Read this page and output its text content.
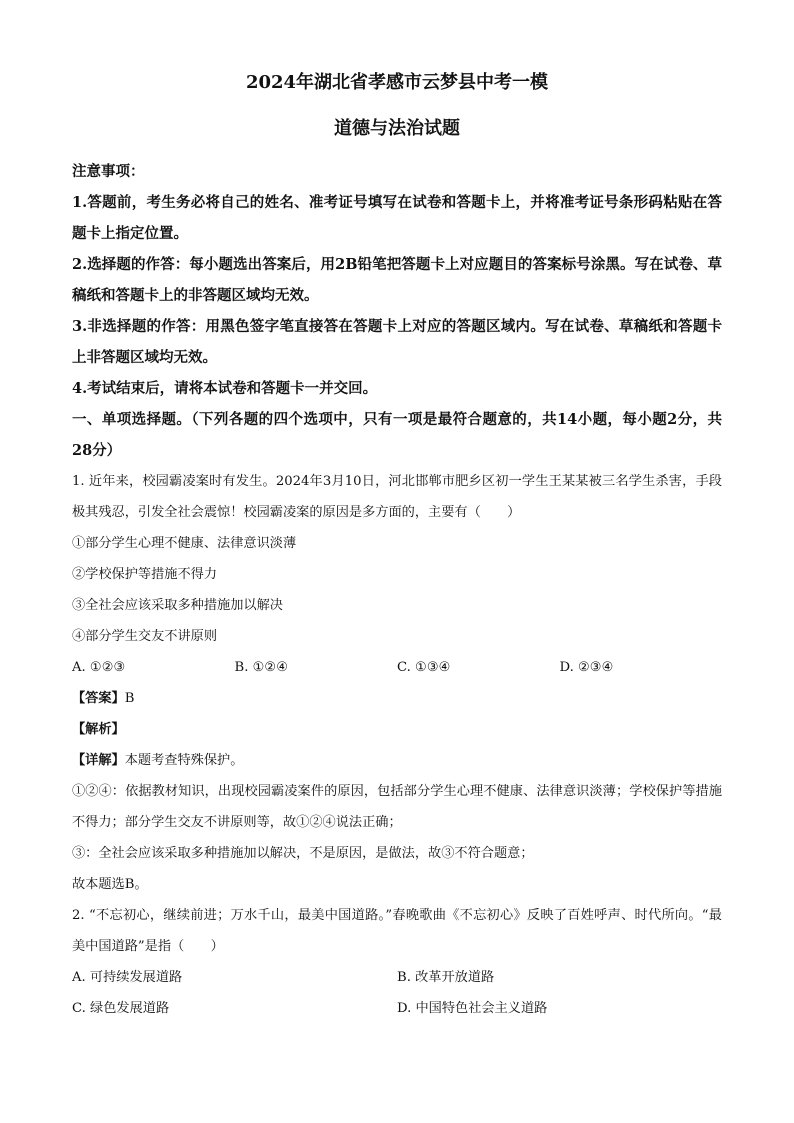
2024年湖北省孝感市云梦县中考一模
道德与法治试题

注意事项：

1.答题前，考生务必将自己的姓名、准考证号填写在试卷和答题卡上，并将准考证号条形码粘贴在答题卡上指定位置。

2.选择题的作答：每小题选出答案后，用2B铅笔把答题卡上对应题目的答案标号涂黑。写在试卷、草稿纸和答题卡上的非答题区域均无效。

3.非选择题的作答：用黑色签字笔直接答在答题卡上对应的答题区域内。写在试卷、草稿纸和答题卡上非答题区域均无效。

4.考试结束后，请将本试卷和答题卡一并交回。

一、单项选择题。（下列各题的四个选项中，只有一项是最符合题意的，共14小题，每小题2分，共28分）

1. 近年来，校园霸凌案时有发生。2024年3月10日，河北邯郸市肥乡区初一学生王某某被三名学生杀害，手段极其残忍，引发全社会震惊！校园霸凌案的原因是多方面的，主要有（　　）

①部分学生心理不健康、法律意识淡薄

②学校保护等措施不得力

③全社会应该采取多种措施加以解决

④部分学生交友不讲原则

A. ①②③	B. ①②④	C. ①③④	D. ②③④

【答案】B

【解析】

【详解】本题考查特殊保护。

①②④：依据教材知识，出现校园霸凌案件的原因，包括部分学生心理不健康、法律意识淡薄；学校保护等措施不得力；部分学生交友不讲原则等，故①②④说法正确；

③：全社会应该采取多种措施加以解决，不是原因，是做法，故③不符合题意；

故本题选B。

2. “不忘初心，继续前进；万水千山，最美中国道路。”春晚歌曲《不忘初心》反映了百姓呼声、时代所向。“最美中国道路”是指（　　）

A. 可持续发展道路	B. 改革开放道路
C. 绿色发展道路	D. 中国特色社会主义道路
